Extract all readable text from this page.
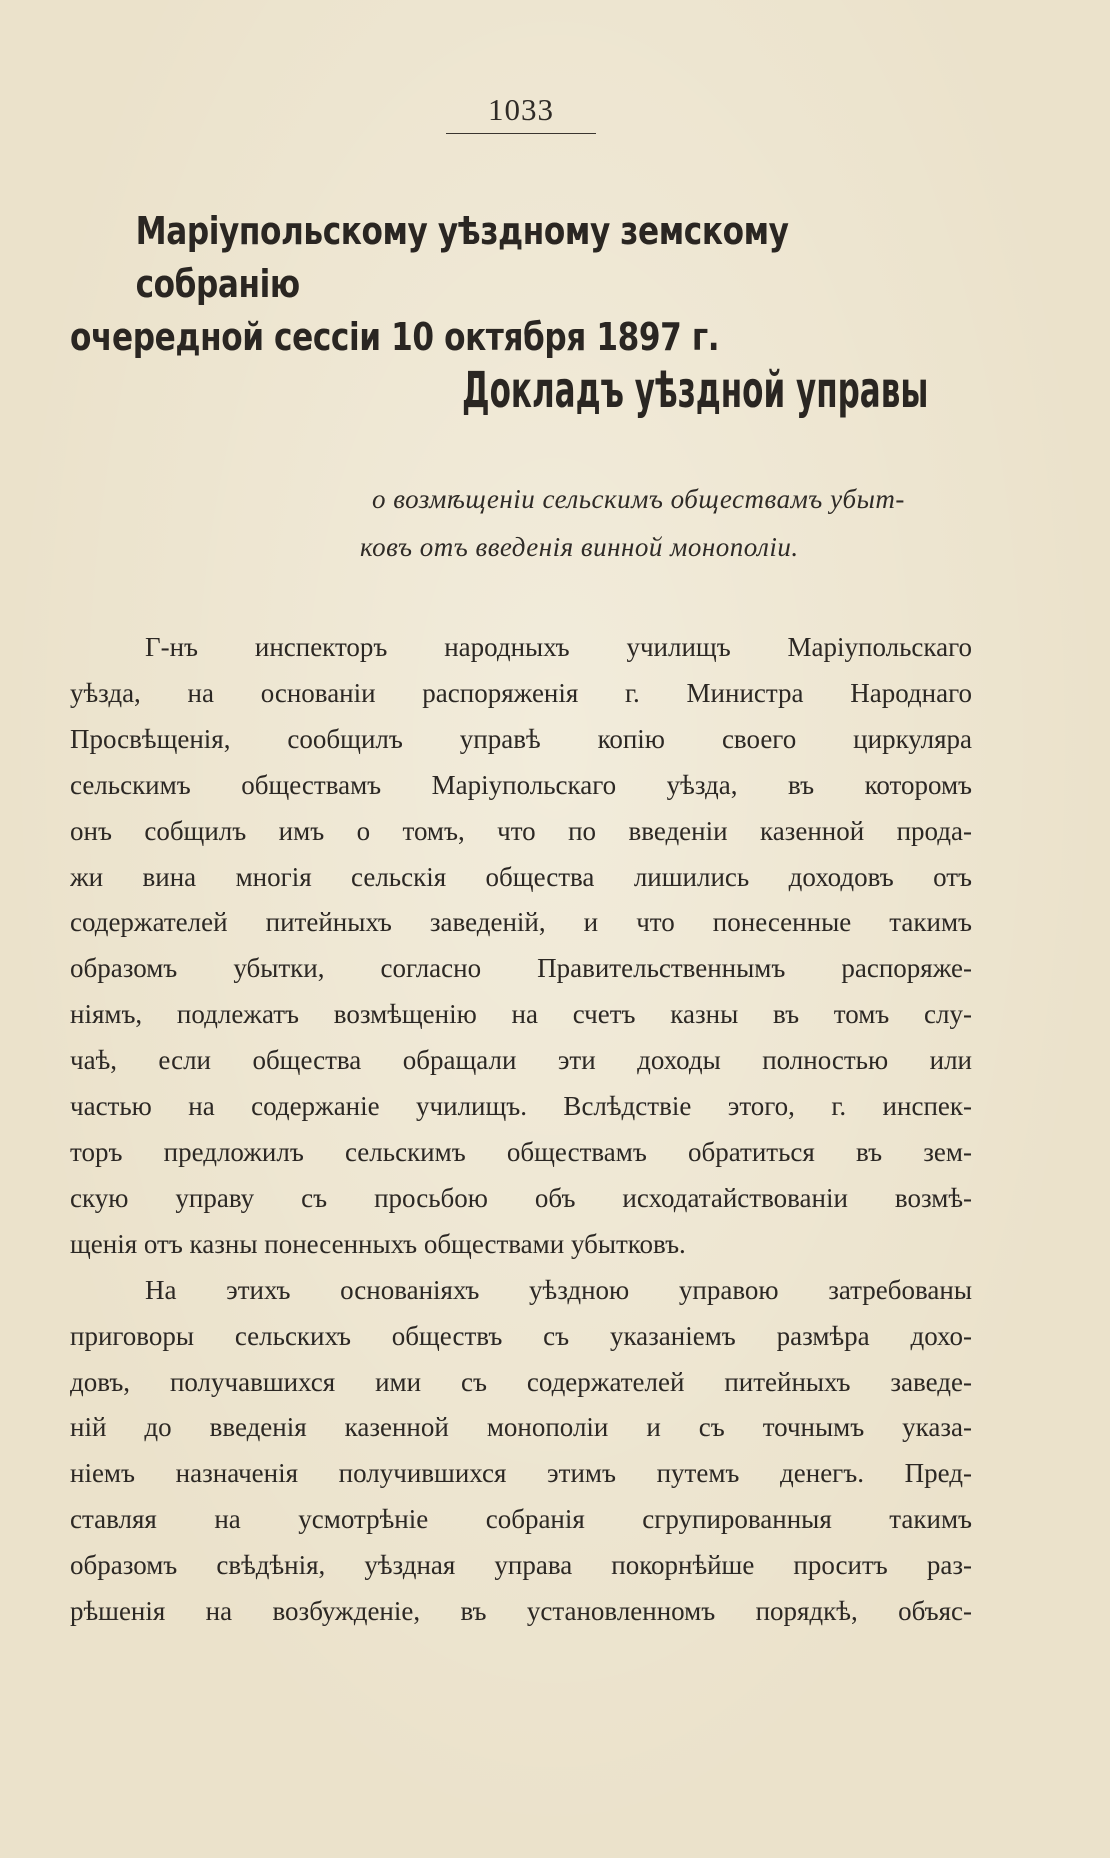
1033
Маріупольскому уѣздному земскому собранію
очередной сессіи 10 октября 1897 г.
Докладъ уѣздной управы
о возмѣщеніи сельскимъ обществамъ убыт-
ковъ отъ введенія винной монополіи.
Г-нъ инспекторъ народныхъ училищъ Маріупольскаго
уѣзда, на основаніи распоряженія г. Министра Народнаго
Просвѣщенія, сообщилъ управѣ копію своего циркуляра
сельскимъ обществамъ Маріупольскаго уѣзда, въ которомъ
онъ собщилъ имъ о томъ, что по введеніи казенной прода-
жи вина многія сельскія общества лишились доходовъ отъ
содержателей питейныхъ заведеній, и что понесенные такимъ
образомъ убытки, согласно Правительственнымъ распоряже-
ніямъ, подлежатъ возмѣщенію на счетъ казны въ томъ слу-
чаѣ, если общества обращали эти доходы полностью или
частью на содержаніе училищъ. Вслѣдствіе этого, г. инспек-
торъ предложилъ сельскимъ обществамъ обратиться въ зем-
скую управу съ просьбою объ исходатайствованіи возмѣ-
щенія отъ казны понесенныхъ обществами убытковъ.
На этихъ основаніяхъ уѣздною управою затребованы
приговоры сельскихъ обществъ съ указаніемъ размѣра дохо-
довъ, получавшихся ими съ содержателей питейныхъ заведе-
ній до введенія казенной монополіи и съ точнымъ указа-
ніемъ назначенія получившихся этимъ путемъ денегъ. Пред-
ставляя на усмотрѣніе собранія сгрупированныя такимъ
образомъ свѣдѣнія, уѣздная управа покорнѣйше проситъ раз-
рѣшенія на возбужденіе, въ установленномъ порядкѣ, объяс-
